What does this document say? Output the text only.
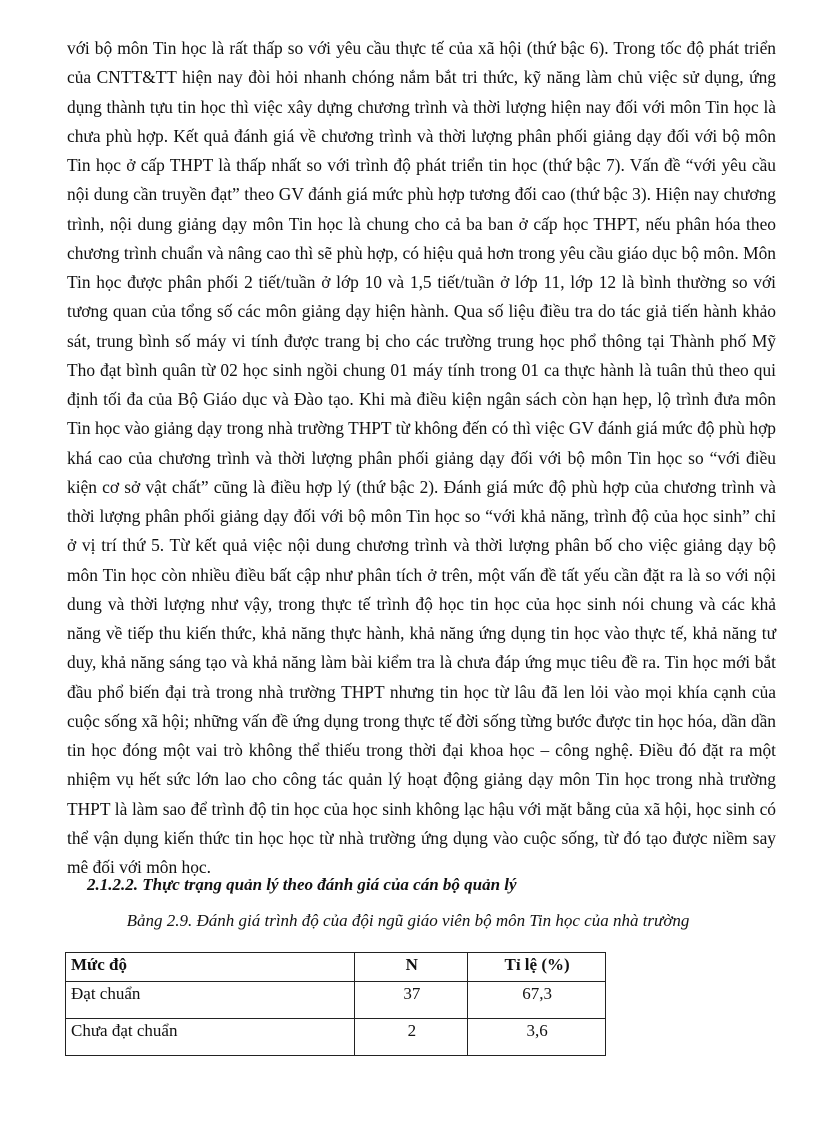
với bộ môn Tin học là rất thấp so với yêu cầu thực tế của xã hội (thứ bậc 6). Trong tốc độ phát triển của CNTT&TT hiện nay đòi hỏi nhanh chóng nắm bắt tri thức, kỹ năng làm chủ việc sử dụng, ứng dụng thành tựu tin học thì việc xây dựng chương trình và thời lượng hiện nay đối với môn Tin học là chưa phù hợp. Kết quả đánh giá về chương trình và thời lượng phân phối giảng dạy đối với bộ môn Tin học ở cấp THPT là thấp nhất so với trình độ phát triển tin học (thứ bậc 7). Vấn đề “với yêu cầu nội dung cần truyền đạt” theo GV đánh giá mức phù hợp tương đối cao (thứ bậc 3). Hiện nay chương trình, nội dung giảng dạy môn Tin học là chung cho cả ba ban ở cấp học THPT, nếu phân hóa theo chương trình chuẩn và nâng cao thì sẽ phù hợp, có hiệu quả hơn trong yêu cầu giáo dục bộ môn. Môn Tin học được phân phối 2 tiết/tuần ở lớp 10 và 1,5 tiết/tuần ở lớp 11, lớp 12 là bình thường so với tương quan của tổng số các môn giảng dạy hiện hành. Qua số liệu điều tra do tác giả tiến hành khảo sát, trung bình số máy vi tính được trang bị cho các trường trung học phổ thông tại Thành phố Mỹ Tho đạt bình quân từ 02 học sinh ngồi chung 01 máy tính trong 01 ca thực hành là tuân thủ theo qui định tối đa của Bộ Giáo dục và Đào tạo. Khi mà điều kiện ngân sách còn hạn hẹp, lộ trình đưa môn Tin học vào giảng dạy trong nhà trường THPT từ không đến có thì việc GV đánh giá mức độ phù hợp khá cao của chương trình và thời lượng phân phối giảng dạy đối với bộ môn Tin học so “với điều kiện cơ sở vật chất” cũng là điều hợp lý (thứ bậc 2). Đánh giá mức độ phù hợp của chương trình và thời lượng phân phối giảng dạy đối với bộ môn Tin học so “với khả năng, trình độ của học sinh” chỉ ở vị trí thứ 5. Từ kết quả việc nội dung chương trình và thời lượng phân bố cho việc giảng dạy bộ môn Tin học còn nhiều điều bất cập như phân tích ở trên, một vấn đề tất yếu cần đặt ra là so với nội dung và thời lượng như vậy, trong thực tế trình độ học tin học của học sinh nói chung và các khả năng về tiếp thu kiến thức, khả năng thực hành, khả năng ứng dụng tin học vào thực tế, khả năng tư duy, khả năng sáng tạo và khả năng làm bài kiểm tra là chưa đáp ứng mục tiêu đề ra. Tin học mới bắt đầu phổ biến đại trà trong nhà trường THPT nhưng tin học từ lâu đã len lỏi vào mọi khía cạnh của cuộc sống xã hội; những vấn đề ứng dụng trong thực tế đời sống từng bước được tin học hóa, dần dần tin học đóng một vai trò không thể thiếu trong thời đại khoa học – công nghệ. Điều đó đặt ra một nhiệm vụ hết sức lớn lao cho công tác quản lý hoạt động giảng dạy môn Tin học trong nhà trường THPT là làm sao để trình độ tin học của học sinh không lạc hậu với mặt bằng của xã hội, học sinh có thể vận dụng kiến thức tin học học từ nhà trường ứng dụng vào cuộc sống, từ đó tạo được niềm say mê đối với môn học.

2.1.2.2. Thực trạng quản lý theo đánh giá của cán bộ quản lý

Bảng 2.9. Đánh giá trình độ của đội ngũ giáo viên bộ môn Tin học của nhà trường

Mức độ	N	Tỉ lệ (%)
Đạt chuẩn	37	67,3
Chưa đạt chuẩn	2	3,6
